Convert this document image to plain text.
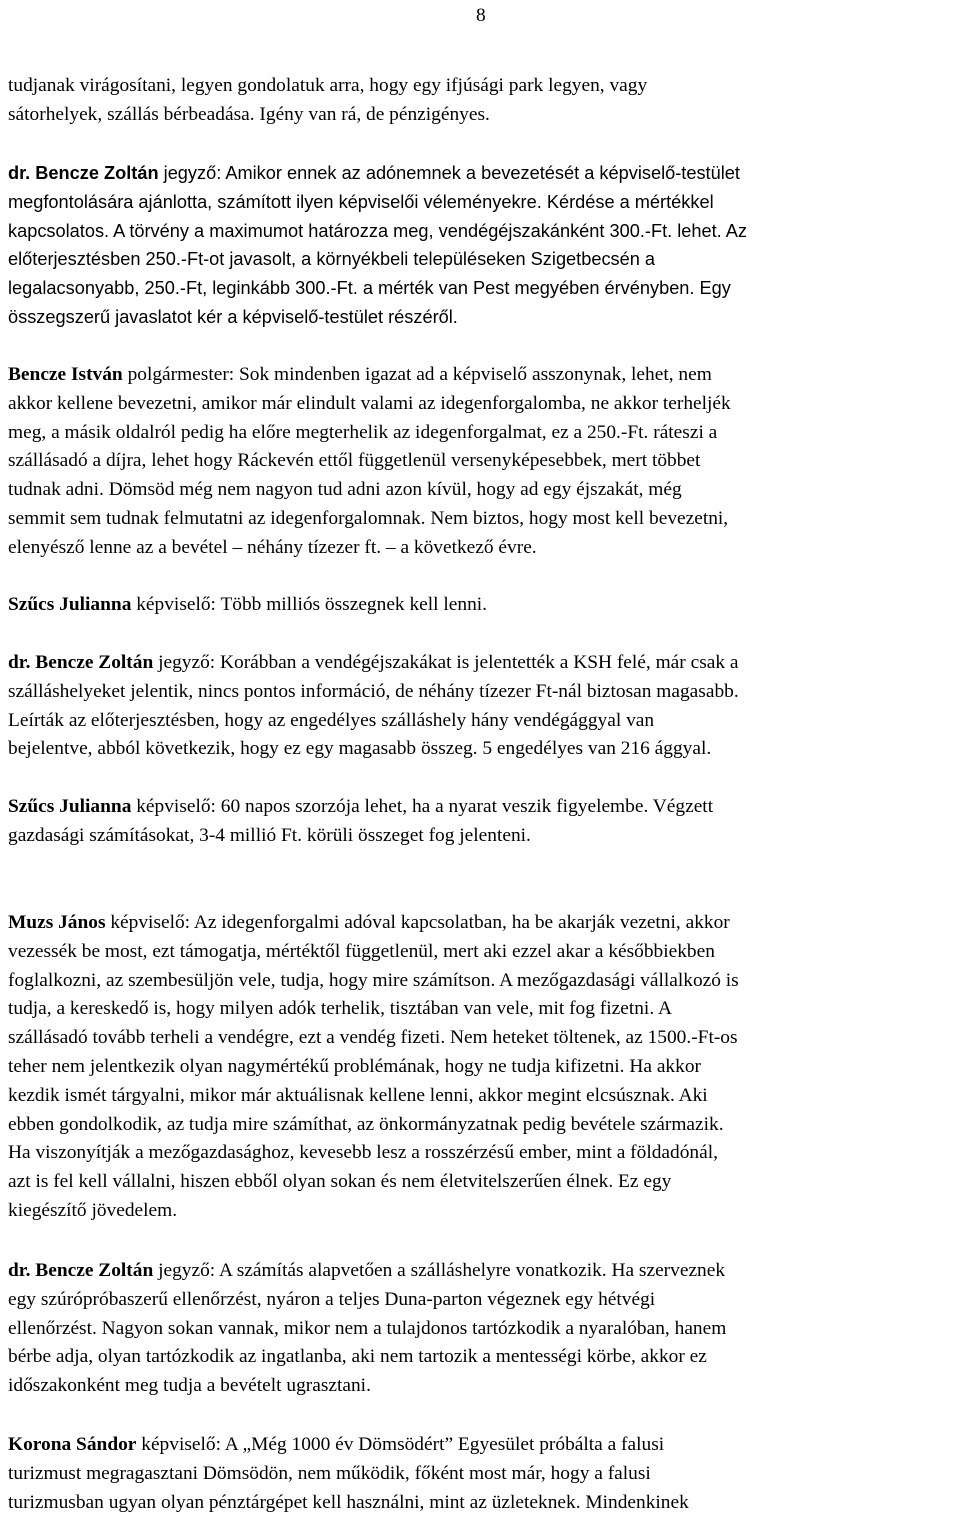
8

tudjanak virágosítani, legyen gondolatuk arra, hogy egy ifjúsági park legyen, vagy
sátorhelyek, szállás bérbeadása. Igény van rá, de pénzigényes.

dr. Bencze Zoltán jegyző: Amikor ennek az adónemnek a bevezetését a képviselő-testület
megfontolására ajánlotta, számított ilyen képviselői véleményekre. Kérdése a mértékkel
kapcsolatos. A törvény a maximumot határozza meg, vendégéjszakánként 300.-Ft. lehet. Az
előterjesztésben 250.-Ft-ot javasolt, a környékbeli településeken Szigetbecsén a
legalacsonyabb, 250.-Ft, leginkább 300.-Ft. a mérték van Pest megyében érvényben. Egy
összegszerű javaslatot kér a képviselő-testület részéről.

Bencze István polgármester: Sok mindenben igazat ad a képviselő asszonynak, lehet, nem
akkor kellene bevezetni, amikor már elindult valami az idegenforgalomba, ne akkor terheljék
meg, a másik oldalról pedig ha előre megterhelik az idegenforgalmat, ez a 250.-Ft. ráteszi a
szállásadó a díjra, lehet hogy Ráckevén ettől függetlenül versenyképesebbek, mert többet
tudnak adni. Dömsöd még nem nagyon tud adni azon kívül, hogy ad egy éjszakát, még
semmit sem tudnak felmutatni az idegenforgalomnak. Nem biztos, hogy most kell bevezetni,
elenyésző lenne az a bevétel – néhány tízezer ft. – a következő évre.

Szűcs Julianna képviselő: Több milliós összegnek kell lenni.

dr. Bencze Zoltán jegyző: Korábban a vendégéjszakákat is jelentették a KSH felé, már csak a
szálláshelyeket jelentik, nincs pontos információ, de néhány tízezer Ft-nál biztosan magasabb.
Leírták az előterjesztésben, hogy az engedélyes szálláshely hány vendégággyal van
bejelentve, abból következik, hogy ez egy magasabb összeg. 5 engedélyes van 216 ággyal.

Szűcs Julianna képviselő: 60 napos szorzója lehet, ha a nyarat veszik figyelembe. Végzett
gazdasági számításokat, 3-4 millió Ft. körüli összeget fog jelenteni.

Muzs János képviselő: Az idegenforgalmi adóval kapcsolatban, ha be akarják vezetni, akkor
vezessék be most, ezt támogatja, mértéktől függetlenül, mert aki ezzel akar a későbbiekben
foglalkozni, az szembesüljön vele, tudja, hogy mire számítson. A mezőgazdasági vállalkozó is
tudja, a kereskedő is, hogy milyen adók terhelik, tisztában van vele, mit fog fizetni. A
szállásadó tovább terheli a vendégre, ezt a vendég fizeti. Nem heteket töltenek, az 1500.-Ft-os
teher nem jelentkezik olyan nagymértékű problémának, hogy ne tudja kifizetni. Ha akkor
kezdik ismét tárgyalni, mikor már aktuálisnak kellene lenni, akkor megint elcsúsznak. Aki
ebben gondolkodik, az tudja mire számíthat, az önkormányzatnak pedig bevétele származik.
Ha viszonyítják a mezőgazdasághoz, kevesebb lesz a rosszérzésű ember, mint a földadónál,
azt is fel kell vállalni, hiszen ebből olyan sokan és nem életvitelszerűen élnek. Ez egy
kiegészítő jövedelem.

dr. Bencze Zoltán jegyző: A számítás alapvetően a szálláshelyre vonatkozik. Ha szerveznek
egy szúrópróbaszerű ellenőrzést, nyáron a teljes Duna-parton végeznek egy hétvégi
ellenőrzést. Nagyon sokan vannak, mikor nem a tulajdonos tartózkodik a nyaralóban, hanem
bérbe adja, olyan tartózkodik az ingatlanba, aki nem tartozik a mentességi körbe, akkor ez
időszakonként meg tudja a bevételt ugrasztani.

Korona Sándor képviselő: A „Még 1000 év Dömsödért” Egyesület próbálta a falusi
turizmust megragasztani Dömsödön, nem működik, főként most már, hogy a falusi
turizmusban ugyan olyan pénztárgépet kell használni, mint az üzleteknek. Mindenkinek
